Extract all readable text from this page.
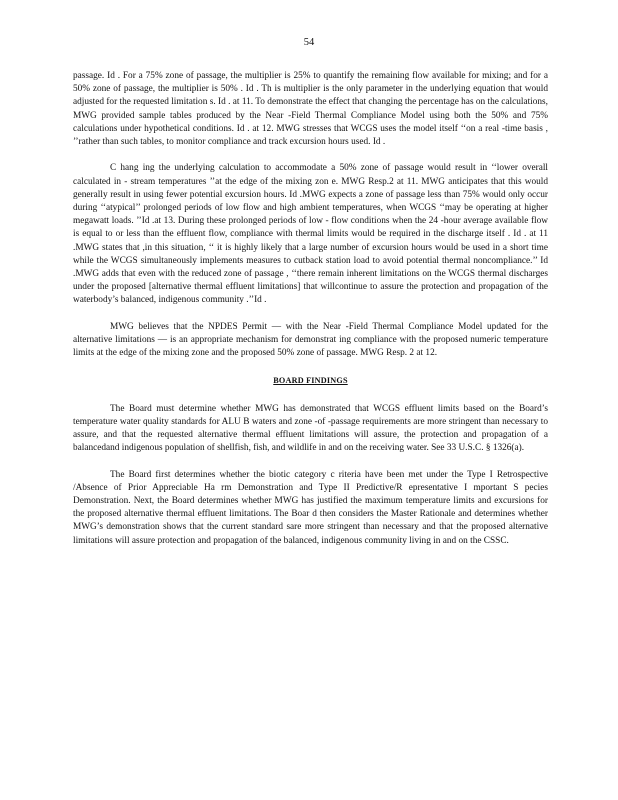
54

passage. Id . For a 75% zone of passage, the multiplier is 25% to quantify the remaining flow available for mixing; and for a 50% zone of passage, the multiplier is 50% . Id . Th is multiplier is the only parameter in the underlying equation that would adjusted for the requested limitation s. Id . at 11. To demonstrate the effect that changing the percentage has on the calculations, MWG provided sample tables produced by the Near -Field Thermal Compliance Model using both the 50% and 75% calculations under hypothetical conditions. Id . at 12. MWG stresses that WCGS uses the model itself ‘‘on a real -time basis , ’’rather than such tables, to monitor compliance and track excursion hours used. Id .

C hang ing the underlying calculation to accommodate a 50% zone of passage would result in ‘‘lower overall calculated in - stream temperatures ’’at the edge of the mixing zon e. MWG Resp.2 at 11. MWG anticipates that this would generally result in using fewer potential excursion hours. Id .MWG expects a zone of passage less than 75% would only occur during ‘‘atypical’’ prolonged periods of low flow and high ambient temperatures, when WCGS ‘‘may be operating at higher megawatt loads. ’’Id .at 13. During these prolonged periods of low - flow conditions when the 24 -hour average available flow is equal to or less than the effluent flow, compliance with thermal limits would be required in the discharge itself . Id . at 11 .MWG states that ,in this situation, ‘‘ it is highly likely that a large number of excursion hours would be used in a short time while the WCGS simultaneously implements measures to cutback station load to avoid potential thermal noncompliance.’’ Id .MWG adds that even with the reduced zone of passage , ‘‘there remain inherent limitations on the WCGS thermal discharges under the proposed [alternative thermal effluent limitations] that willcontinue to assure the protection and propagation of the waterbody’s balanced, indigenous community .’’Id .

MWG believes that the NPDES Permit — with the Near -Field Thermal Compliance Model updated for the alternative limitations — is an appropriate mechanism for demonstrat ing compliance with the proposed numeric temperature limits at the edge of the mixing zone and the proposed 50% zone of passage. MWG Resp. 2 at 12.

BOARD FINDINGS

The Board must determine whether MWG has demonstrated that WCGS effluent limits based on the Board’s temperature water quality standards for ALU B waters and zone -of -passage requirements are more stringent than necessary to assure, and that the requested alternative thermal effluent limitations will assure, the protection and propagation of a balancedand indigenous population of shellfish, fish, and wildlife in and on the receiving water. See 33 U.S.C. § 1326(a).

The Board first determines whether the biotic category c riteria have been met under the Type I Retrospective /Absence of Prior Appreciable Ha rm Demonstration and Type II Predictive/R epresentative I mportant S pecies Demonstration. Next, the Board determines whether MWG has justified the maximum temperature limits and excursions for the proposed alternative thermal effluent limitations. The Boar d then considers the Master Rationale and determines whether MWG’s demonstration shows that the current standard sare more stringent than necessary and that the proposed alternative limitations will assure protection and propagation of the balanced, indigenous community living in and on the CSSC.
